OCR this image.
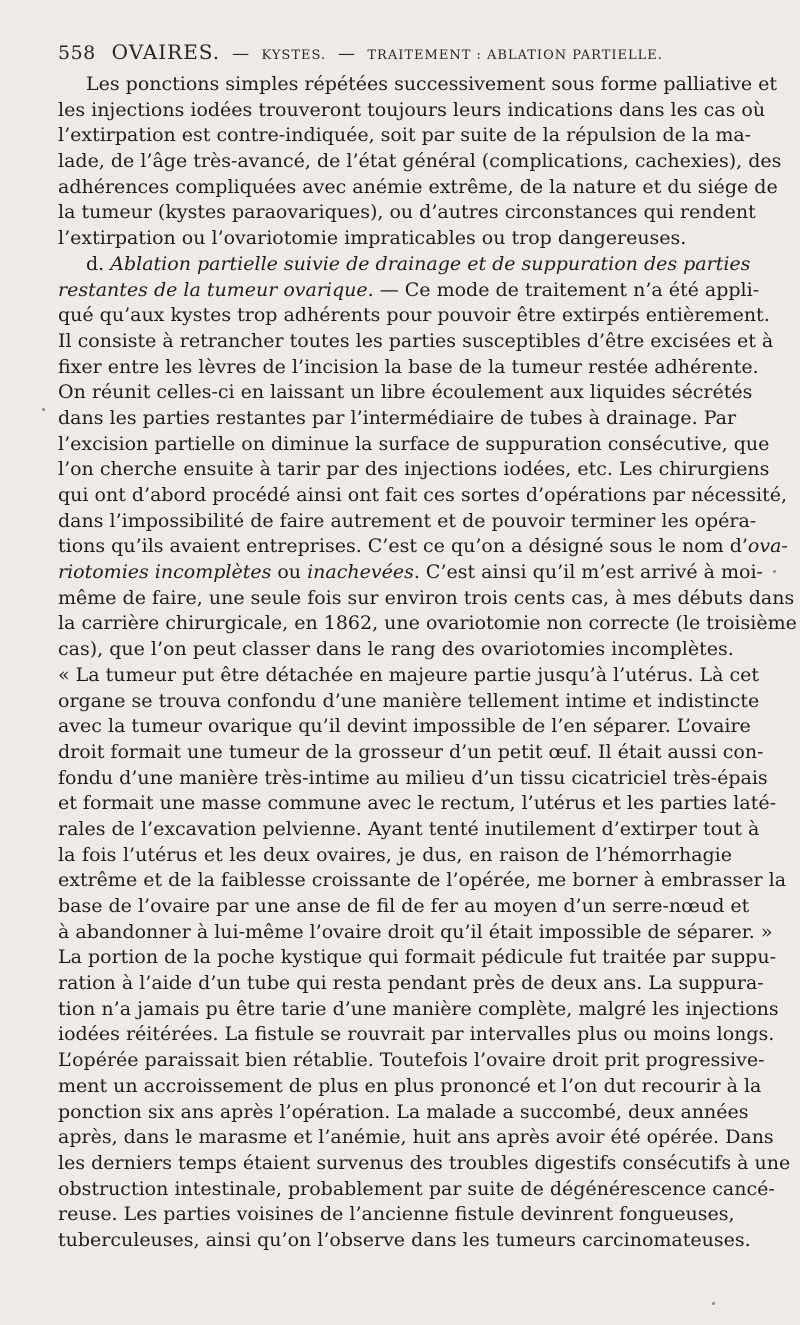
558 OVAIRES. — KYSTES. — TRAITEMENT : ABLATION PARTIELLE.
Les ponctions simples répétées successivement sous forme palliative et
les injections iodées trouveront toujours leurs indications dans les cas où
l’extirpation est contre-indiquée, soit par suite de la répulsion de la ma-
lade, de l’âge très-avancé, de l’état général (complications, cachexies), des
adhérences compliquées avec anémie extrême, de la nature et du siége de
la tumeur (kystes paraovariques), ou d’autres circonstances qui rendent
l’extirpation ou l’ovariotomie impraticables ou trop dangereuses.
d. Ablation partielle suivie de drainage et de suppuration des parties
restantes de la tumeur ovarique. — Ce mode de traitement n’a été appli-
qué qu’aux kystes trop adhérents pour pouvoir être extirpés entièrement.
Il consiste à retrancher toutes les parties susceptibles d’être excisées et à
fixer entre les lèvres de l’incision la base de la tumeur restée adhérente.
On réunit celles-ci en laissant un libre écoulement aux liquides sécrétés
dans les parties restantes par l’intermédiaire de tubes à drainage. Par
l’excision partielle on diminue la surface de suppuration consécutive, que
l’on cherche ensuite à tarir par des injections iodées, etc. Les chirurgiens
qui ont d’abord procédé ainsi ont fait ces sortes d’opérations par nécessité,
dans l’impossibilité de faire autrement et de pouvoir terminer les opéra-
tions qu’ils avaient entreprises. C’est ce qu’on a désigné sous le nom d’ova-
riotomies incomplètes ou inachevées. C’est ainsi qu’il m’est arrivé à moi-
même de faire, une seule fois sur environ trois cents cas, à mes débuts dans
la carrière chirurgicale, en 1862, une ovariotomie non correcte (le troisième
cas), que l’on peut classer dans le rang des ovariotomies incomplètes.
« La tumeur put être détachée en majeure partie jusqu’à l’utérus. Là cet
organe se trouva confondu d’une manière tellement intime et indistincte
avec la tumeur ovarique qu’il devint impossible de l’en séparer. L’ovaire
droit formait une tumeur de la grosseur d’un petit œuf. Il était aussi con-
fondu d’une manière très-intime au milieu d’un tissu cicatriciel très-épais
et formait une masse commune avec le rectum, l’utérus et les parties laté-
rales de l’excavation pelvienne. Ayant tenté inutilement d’extirper tout à
la fois l’utérus et les deux ovaires, je dus, en raison de l’hémorrhagie
extrême et de la faiblesse croissante de l’opérée, me borner à embrasser la
base de l’ovaire par une anse de fil de fer au moyen d’un serre-nœud et
à abandonner à lui-même l’ovaire droit qu’il était impossible de séparer. »
La portion de la poche kystique qui formait pédicule fut traitée par suppu-
ration à l’aide d’un tube qui resta pendant près de deux ans. La suppura-
tion n’a jamais pu être tarie d’une manière complète, malgré les injections
iodées réitérées. La fistule se rouvrait par intervalles plus ou moins longs.
L’opérée paraissait bien rétablie. Toutefois l’ovaire droit prit progressive-
ment un accroissement de plus en plus prononcé et l’on dut recourir à la
ponction six ans après l’opération. La malade a succombé, deux années
après, dans le marasme et l’anémie, huit ans après avoir été opérée. Dans
les derniers temps étaient survenus des troubles digestifs consécutifs à une
obstruction intestinale, probablement par suite de dégénérescence cancé-
reuse. Les parties voisines de l’ancienne fistule devinrent fongueuses,
tuberculeuses, ainsi qu’on l’observe dans les tumeurs carcinomateuses.
